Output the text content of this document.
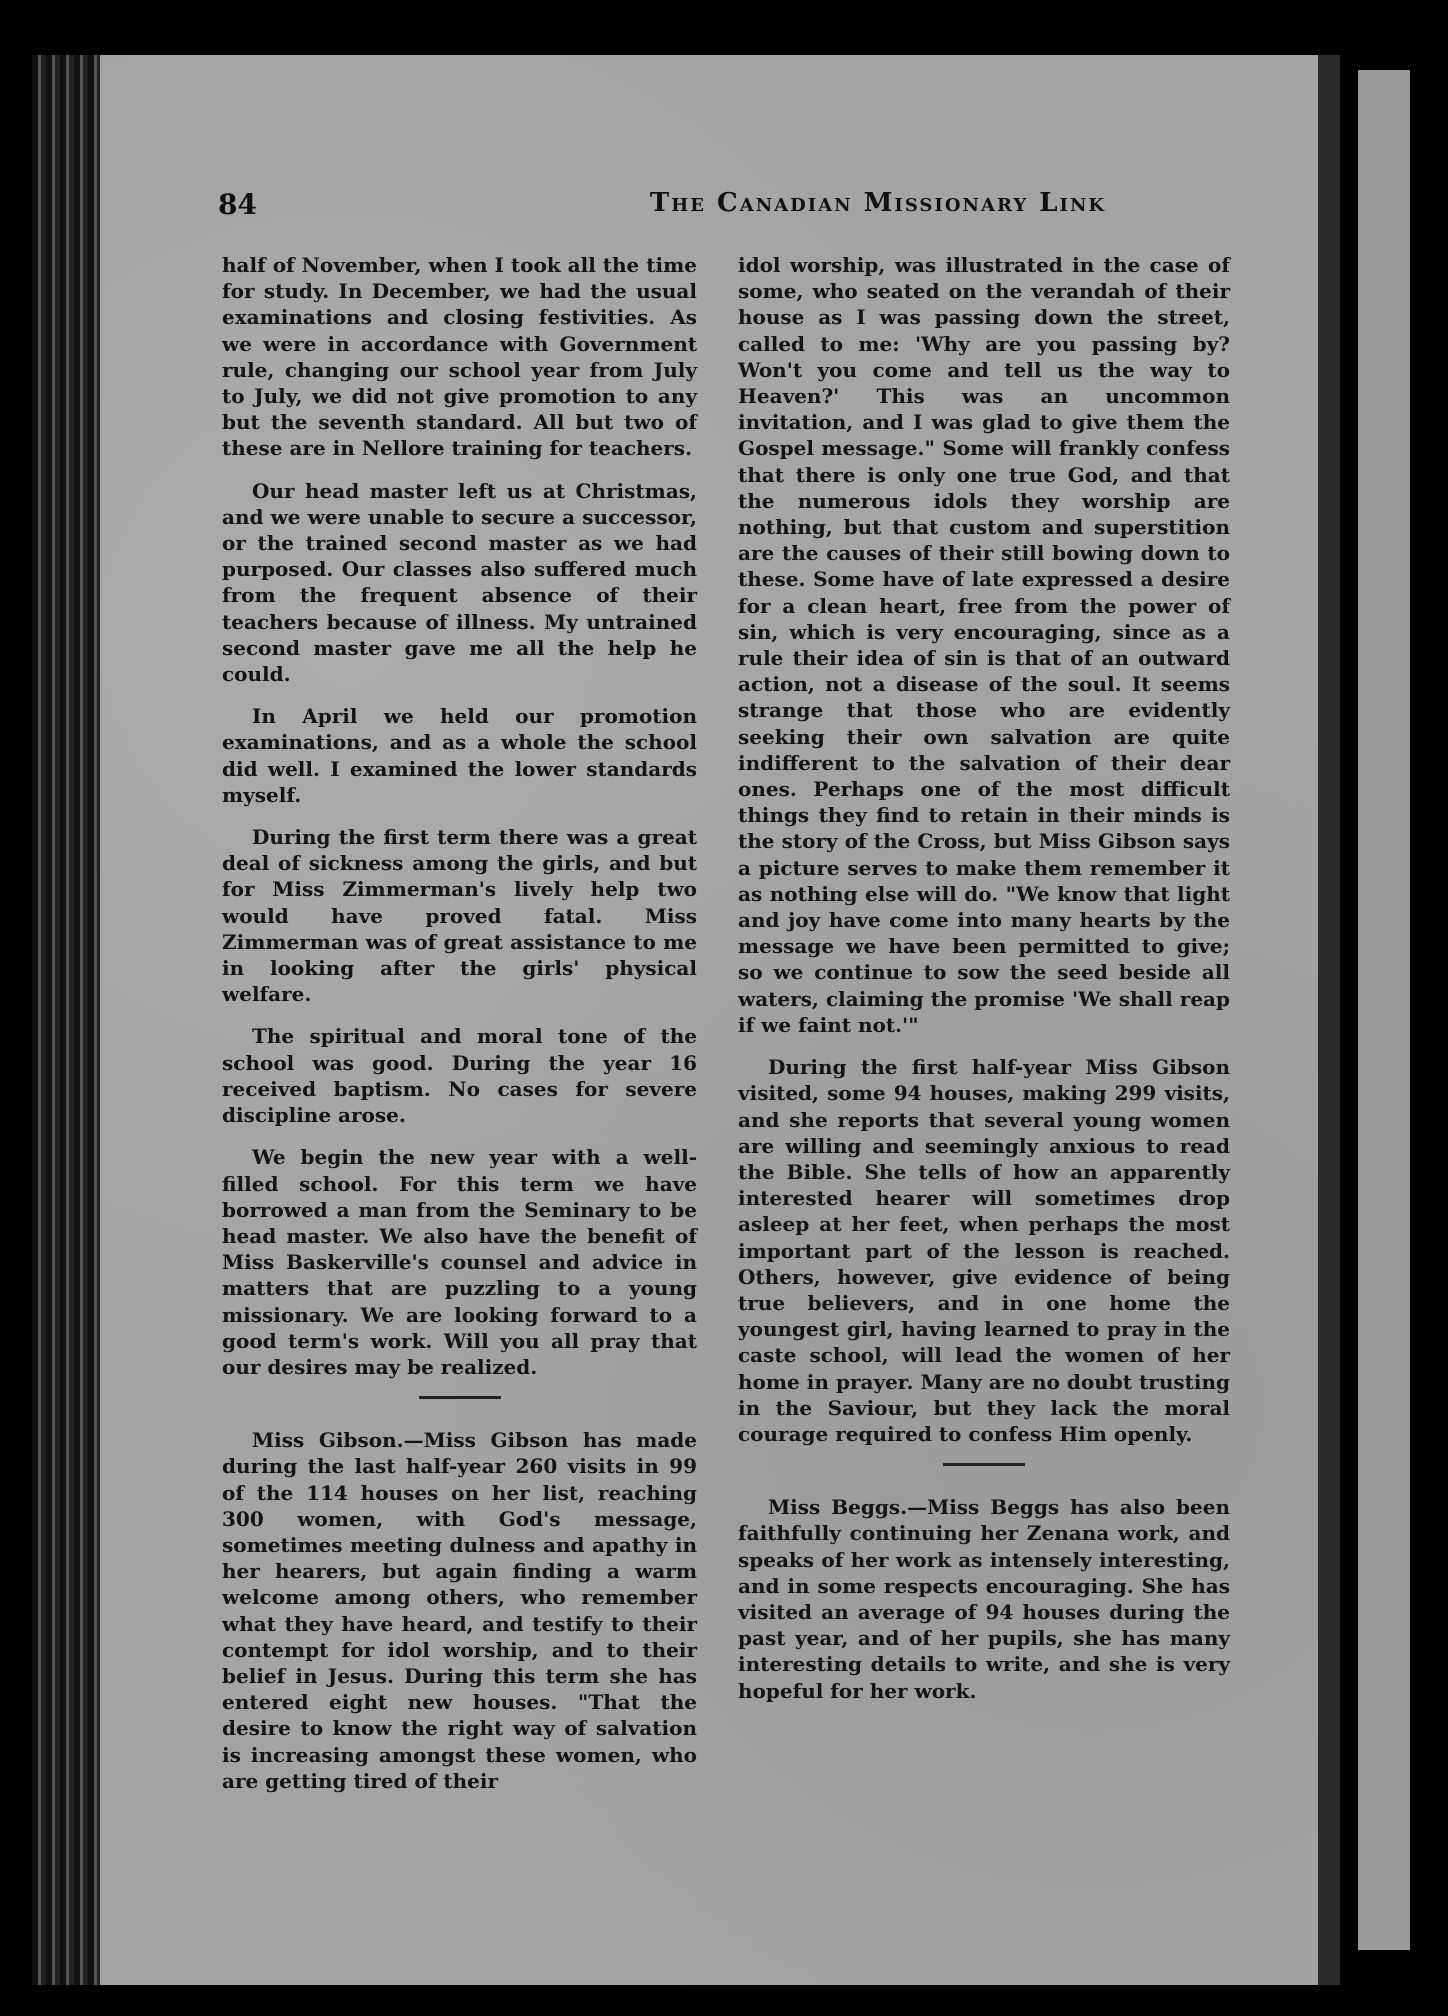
84	The Canadian Missionary Link

half of November, when I took all the time for study. In December, we had the usual examinations and closing festivities. As we were in accordance with Government rule, changing our school year from July to July, we did not give promotion to any but the seventh standard. All but two of these are in Nellore training for teachers.

Our head master left us at Christmas, and we were unable to secure a successor, or the trained second master as we had purposed. Our classes also suffered much from the frequent absence of their teachers because of illness. My untrained second master gave me all the help he could.

In April we held our promotion examinations, and as a whole the school did well. I examined the lower standards myself.

During the first term there was a great deal of sickness among the girls, and but for Miss Zimmerman's lively help two would have proved fatal. Miss Zimmerman was of great assistance to me in looking after the girls' physical welfare.

The spiritual and moral tone of the school was good. During the year 16 received baptism. No cases for severe discipline arose.

We begin the new year with a well-filled school. For this term we have borrowed a man from the Seminary to be head master. We also have the benefit of Miss Baskerville's counsel and advice in matters that are puzzling to a young missionary. We are looking forward to a good term's work. Will you all pray that our desires may be realized.

Miss Gibson.—Miss Gibson has made during the last half-year 260 visits in 99 of the 114 houses on her list, reaching 300 women, with God's message, sometimes meeting dulness and apathy in her hearers, but again finding a warm welcome among others, who remember what they have heard, and testify to their contempt for idol worship, and to their belief in Jesus. During this term she has entered eight new houses. "That the desire to know the right way of salvation is increasing amongst these women, who are getting tired of their

idol worship, was illustrated in the case of some, who seated on the verandah of their house as I was passing down the street, called to me: 'Why are you passing by? Won't you come and tell us the way to Heaven?' This was an uncommon invitation, and I was glad to give them the Gospel message." Some will frankly confess that there is only one true God, and that the numerous idols they worship are nothing, but that custom and superstition are the causes of their still bowing down to these. Some have of late expressed a desire for a clean heart, free from the power of sin, which is very encouraging, since as a rule their idea of sin is that of an outward action, not a disease of the soul. It seems strange that those who are evidently seeking their own salvation are quite indifferent to the salvation of their dear ones. Perhaps one of the most difficult things they find to retain in their minds is the story of the Cross, but Miss Gibson says a picture serves to make them remember it as nothing else will do. "We know that light and joy have come into many hearts by the message we have been permitted to give; so we continue to sow the seed beside all waters, claiming the promise 'We shall reap if we faint not.'"

During the first half-year Miss Gibson visited, some 94 houses, making 299 visits, and she reports that several young women are willing and seemingly anxious to read the Bible. She tells of how an apparently interested hearer will sometimes drop asleep at her feet, when perhaps the most important part of the lesson is reached. Others, however, give evidence of being true believers, and in one home the youngest girl, having learned to pray in the caste school, will lead the women of her home in prayer. Many are no doubt trusting in the Saviour, but they lack the moral courage required to confess Him openly.

Miss Beggs.—Miss Beggs has also been faithfully continuing her Zenana work, and speaks of her work as intensely interesting, and in some respects encouraging. She has visited an average of 94 houses during the past year, and of her pupils, she has many interesting details to write, and she is very hopeful for her work.
